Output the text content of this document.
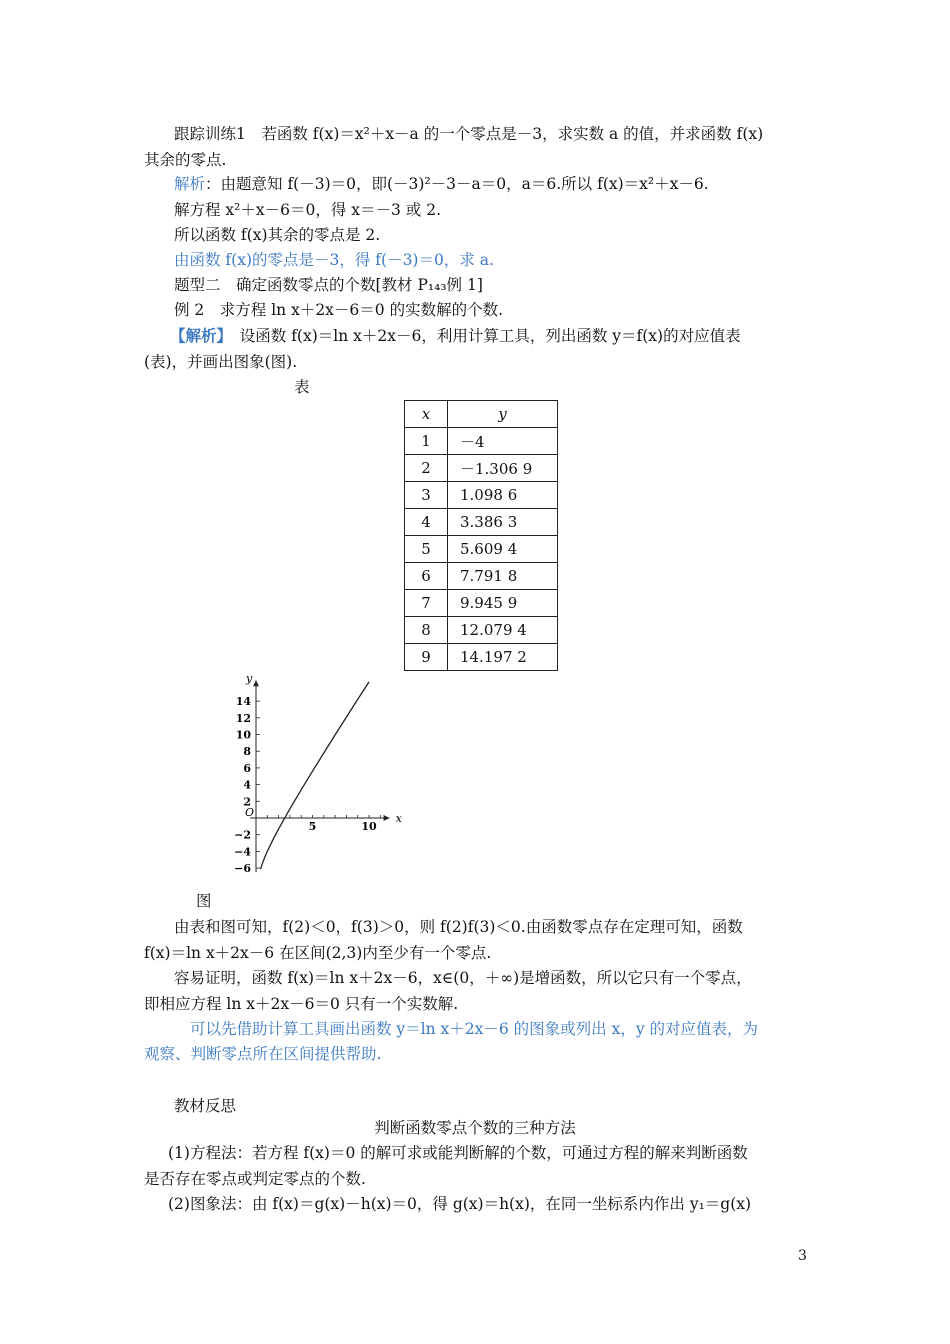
跟踪训练1　若函数 f(x)＝x²＋x－a 的一个零点是－3，求实数 a 的值，并求函数 f(x)
其余的零点.
解析：由题意知 f(－3)＝0，即(－3)²－3－a＝0，a＝6.所以 f(x)＝x²＋x－6.
解方程 x²＋x－6＝0，得 x＝－3 或 2.
所以函数 f(x)其余的零点是 2.
由函数 f(x)的零点是－3，得 f(－3)＝0，求 a.
题型二　确定函数零点的个数[教材 P₁₄₃例 1]
例 2　求方程 ln x＋2x－6＝0 的实数解的个数.
【解析】　设函数 f(x)＝ln x＋2x－6，利用计算工具，列出函数 y＝f(x)的对应值表
(表)，并画出图象(图).
表
x	y
1	－4
2	－1.306 9
3	1.098 6
4	3.386 3
5	5.609 4
6	7.791 8
7	9.945 9
8	12.079 4
9	14.197 2
x
y
O
5	10
14
12
10
8
6
4
2
−2
−4
−6
图
由表和图可知，f(2)＜0，f(3)＞0，则 f(2)f(3)＜0.由函数零点存在定理可知，函数
f(x)＝ln x＋2x－6 在区间(2,3)内至少有一个零点.
容易证明，函数 f(x)＝ln x＋2x－6，x∈(0，＋∞)是增函数，所以它只有一个零点，
即相应方程 ln x＋2x－6＝0 只有一个实数解.
可以先借助计算工具画出函数 y＝ln x＋2x－6 的图象或列出 x，y 的对应值表，为
观察、判断零点所在区间提供帮助.
教材反思
判断函数零点个数的三种方法
(1)方程法：若方程 f(x)＝0 的解可求或能判断解的个数，可通过方程的解来判断函数
是否存在零点或判定零点的个数.
(2)图象法：由 f(x)＝g(x)－h(x)＝0，得 g(x)＝h(x)，在同一坐标系内作出 y₁＝g(x)
3
